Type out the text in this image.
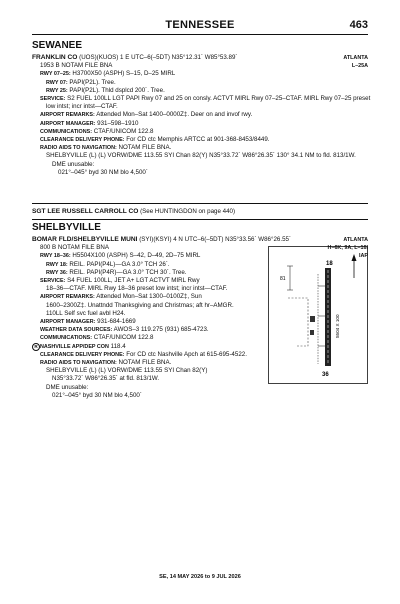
TENNESSEE	463
SEWANEE
FRANKLIN CO (UOS)(KUOS) 1 E UTC–6(–5DT) N35°12.31´ W85°53.89´	ATLANTA
1953 B NOTAM FILE BNA	L–25A
RWY 07–25: H3700X50 (ASPH) S–15, D–25 MIRL
RWY 07: PAPI(P2L). Tree.
RWY 25: PAPI(P2L). Thld dsplcd 200´. Tree.
SERVICE: S2 FUEL 100LL LGT PAPI Rwy 07 and 25 on consly. ACTVT MIRL Rwy 07–25–CTAF. MIRL Rwy 07–25 preset
low intst; incr intst—CTAF.
AIRPORT REMARKS: Attended Mon–Sat 1400–0000Z‡. Deer on and invof rwy.
AIRPORT MANAGER: 931–598–1910
COMMUNICATIONS: CTAF/UNICOM 122.8
CLEARANCE DELIVERY PHONE: For CD ctc Memphis ARTCC at 901-368-8453/8449.
RADIO AIDS TO NAVIGATION: NOTAM FILE BNA.
SHELBYVILLE (L) (L) VORW/DME 113.55 SYI Chan 82(Y) N35°33.72´ W86°26.35´ 130° 34.1 NM to fld. 813/1W.
DME unusable:
021°–045° byd 30 NM blo 4,500´
SGT LEE RUSSELL CARROLL CO (See HUNTINGDON on page 440)
SHELBYVILLE
BOMAR FLD/SHELBYVILLE MUNI (SYI)(KSYI) 4 N UTC–6(–5DT) N35°33.56´ W86°26.55´	ATLANTA
800 B NOTAM FILE BNA	H–6K, 9A, L–16I
RWY 18–36: H5504X100 (ASPH) S–42, D–49, 2D–75 MIRL	IAP
RWY 18: REIL. PAPI(P4L)—GA 3.0° TCH 26´.
RWY 36: REIL. PAPI(P4R)—GA 3.0° TCH 30´. Tree.
SERVICE: S4 FUEL 100LL, JET A+ LGT ACTVT MIRL Rwy
18–36—CTAF. MIRL Rwy 18–36 preset low intst; incr intst—CTAF.
AIRPORT REMARKS: Attended Mon–Sat 1300–0100Z‡, Sun
1600–2300Z‡. Unattndd Thanksgiving and Christmas; aft hr–AMGR.
110LL Self svc fuel avbl H24.
AIRPORT MANAGER: 931-684-1669
WEATHER DATA SOURCES: AWOS–3 119.275 (931) 685-4723.
COMMUNICATIONS: CTAF/UNICOM 122.8
R NASHVILLE APP/DEP CON 118.4
CLEARANCE DELIVERY PHONE: For CD ctc Nashville Apch at 615-695-4522.
RADIO AIDS TO NAVIGATION: NOTAM FILE BNA.
SHELBYVILLE (L) (L) VORW/DME 113.55 SYI Chan 82(Y)
N35°33.72´ W86°26.35´ at fld. 813/1W.
DME unusable:
021°–045° byd 30 NM blo 4,500´
81
18
36
5504 X 100
SE, 14 MAY 2026 to 9 JUL 2026
